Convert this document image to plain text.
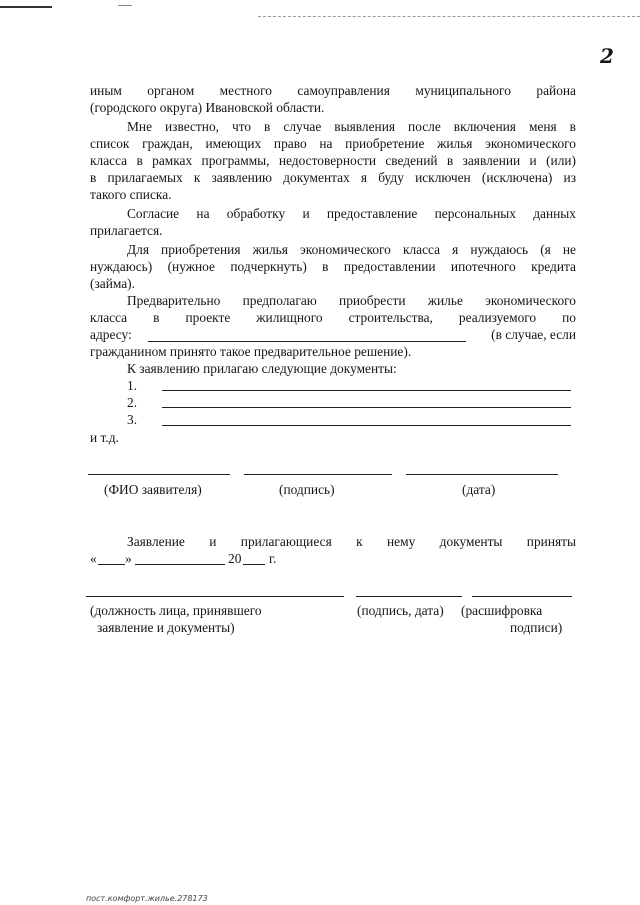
2

иным органом местного самоуправления муниципального района

(городского округа) Ивановской области.

Мне известно, что в случае выявления после включения меня в

список граждан, имеющих право на приобретение жилья экономического

класса в рамках программы, недостоверности сведений в заявлении и (или)

в прилагаемых к заявлению документах я буду исключен (исключена) из

такого списка.

Согласие на обработку и предоставление персональных данных

прилагается.

Для приобретения жилья экономического класса я нуждаюсь (я не

нуждаюсь) (нужное подчеркнуть) в предоставлении ипотечного кредита

(займа).

Предварительно предполагаю приобрести жилье экономического

класса в проекте жилищного строительства, реализуемого по

адресу:	(в случае, если

гражданином принято такое предварительное решение).

К заявлению прилагаю следующие документы:
1.
2.
3.
и т.д.
(ФИО заявителя)	(подпись)	(дата)

Заявление и прилагающиеся к нему документы приняты

« »	20 г.
(должность лица, принявшего
заявление и документы)
(подпись, дата) (расшифровка
подписи)
пост.комфорт.жилье.278173
